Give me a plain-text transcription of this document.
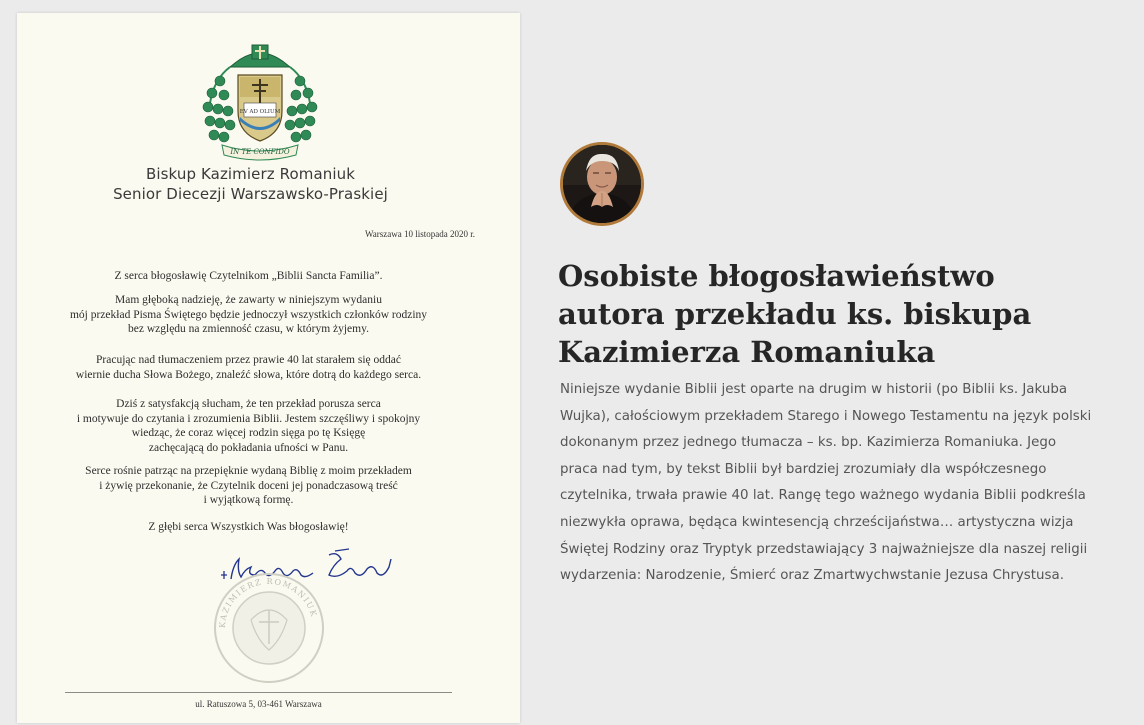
EV AD OLIUM
IN TE CONFIDO
Biskup Kazimierz Romaniuk
Senior Diecezji Warszawsko-Praskiej
Warszawa 10 listopada 2020 r.
Z serca błogosławię Czytelnikom „Biblii Sancta Familia”.
Mam głęboką nadzieję, że zawarty w niniejszym wydaniu
mój przekład Pisma Świętego będzie jednoczył wszystkich członków rodziny
bez względu na zmienność czasu, w którym żyjemy.
Pracując nad tłumaczeniem przez prawie 40 lat starałem się oddać
wiernie ducha Słowa Bożego, znaleźć słowa, które dotrą do każdego serca.
Dziś z satysfakcją słucham, że ten przekład porusza serca
i motywuje do czytania i zrozumienia Biblii. Jestem szczęśliwy i spokojny
wiedząc, że coraz więcej rodzin sięga po tę Księgę
zachęcającą do pokładania ufności w Panu.
Serce rośnie patrząc na przepięknie wydaną Biblię z moim przekładem
i żywię przekonanie, że Czytelnik doceni jej ponadczasową treść
i wyjątkową formę.
Z głębi serca Wszystkich Was błogosławię!
KAZIMIERZ ROMANIUK
ul. Ratuszowa 5, 03-461 Warszawa
Osobiste błogosławieństwo
autora przekładu ks. biskupa
Kazimierza Romaniuka
Niniejsze wydanie Biblii jest oparte na drugim w historii (po Biblii ks. Jakuba
Wujka), całościowym przekładem Starego i Nowego Testamentu na język polski
dokonanym przez jednego tłumacza – ks. bp. Kazimierza Romaniuka. Jego
praca nad tym, by tekst Biblii był bardziej zrozumiały dla współczesnego
czytelnika, trwała prawie 40 lat. Rangę tego ważnego wydania Biblii podkreśla
niezwykła oprawa, będąca kwintesencją chrześcijaństwa… artystyczna wizja
Świętej Rodziny oraz Tryptyk przedstawiający 3 najważniejsze dla naszej religii
wydarzenia: Narodzenie, Śmierć oraz Zmartwychwstanie Jezusa Chrystusa.
